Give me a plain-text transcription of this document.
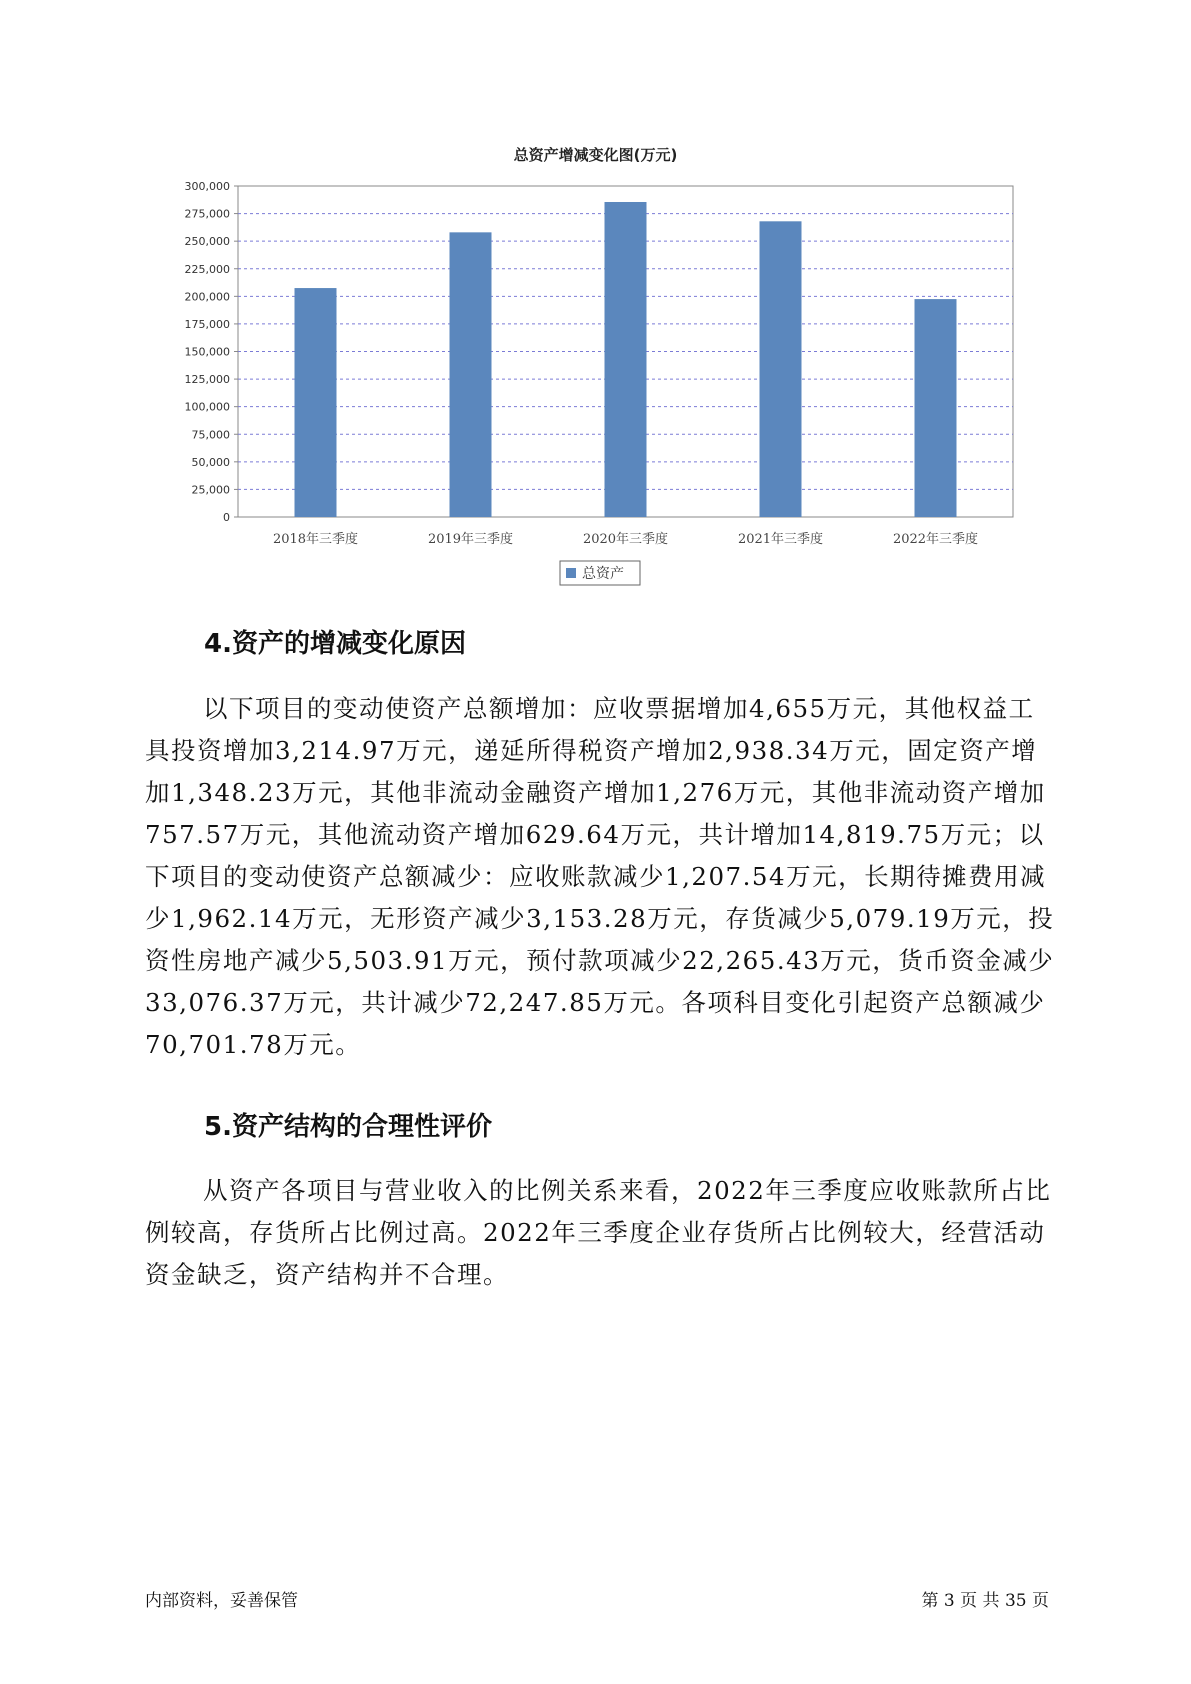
总资产增减变化图(万元)
300,000
275,000
250,000
225,000
200,000
175,000
150,000
125,000
100,000
75,000
50,000
25,000
0
2018年三季度	2019年三季度	2020年三季度	2021年三季度	2022年三季度
总资产
4.资产的增减变化原因

以下项目的变动使资产总额增加：应收票据增加4,655万元，其他权益工具投资增加3,214.97万元，递延所得税资产增加2,938.34万元，固定资产增加1,348.23万元，其他非流动金融资产增加1,276万元，其他非流动资产增加757.57万元，其他流动资产增加629.64万元，共计增加14,819.75万元；以下项目的变动使资产总额减少：应收账款减少1,207.54万元，长期待摊费用减少1,962.14万元，无形资产减少3,153.28万元，存货减少5,079.19万元，投资性房地产减少5,503.91万元，预付款项减少22,265.43万元，货币资金减少33,076.37万元，共计减少72,247.85万元。各项科目变化引起资产总额减少70,701.78万元。

5.资产结构的合理性评价

从资产各项目与营业收入的比例关系来看，2022年三季度应收账款所占比例较高，存货所占比例过高。2022年三季度企业存货所占比例较大，经营活动资金缺乏，资产结构并不合理。

内部资料，妥善保管	第 3 页 共 35 页
